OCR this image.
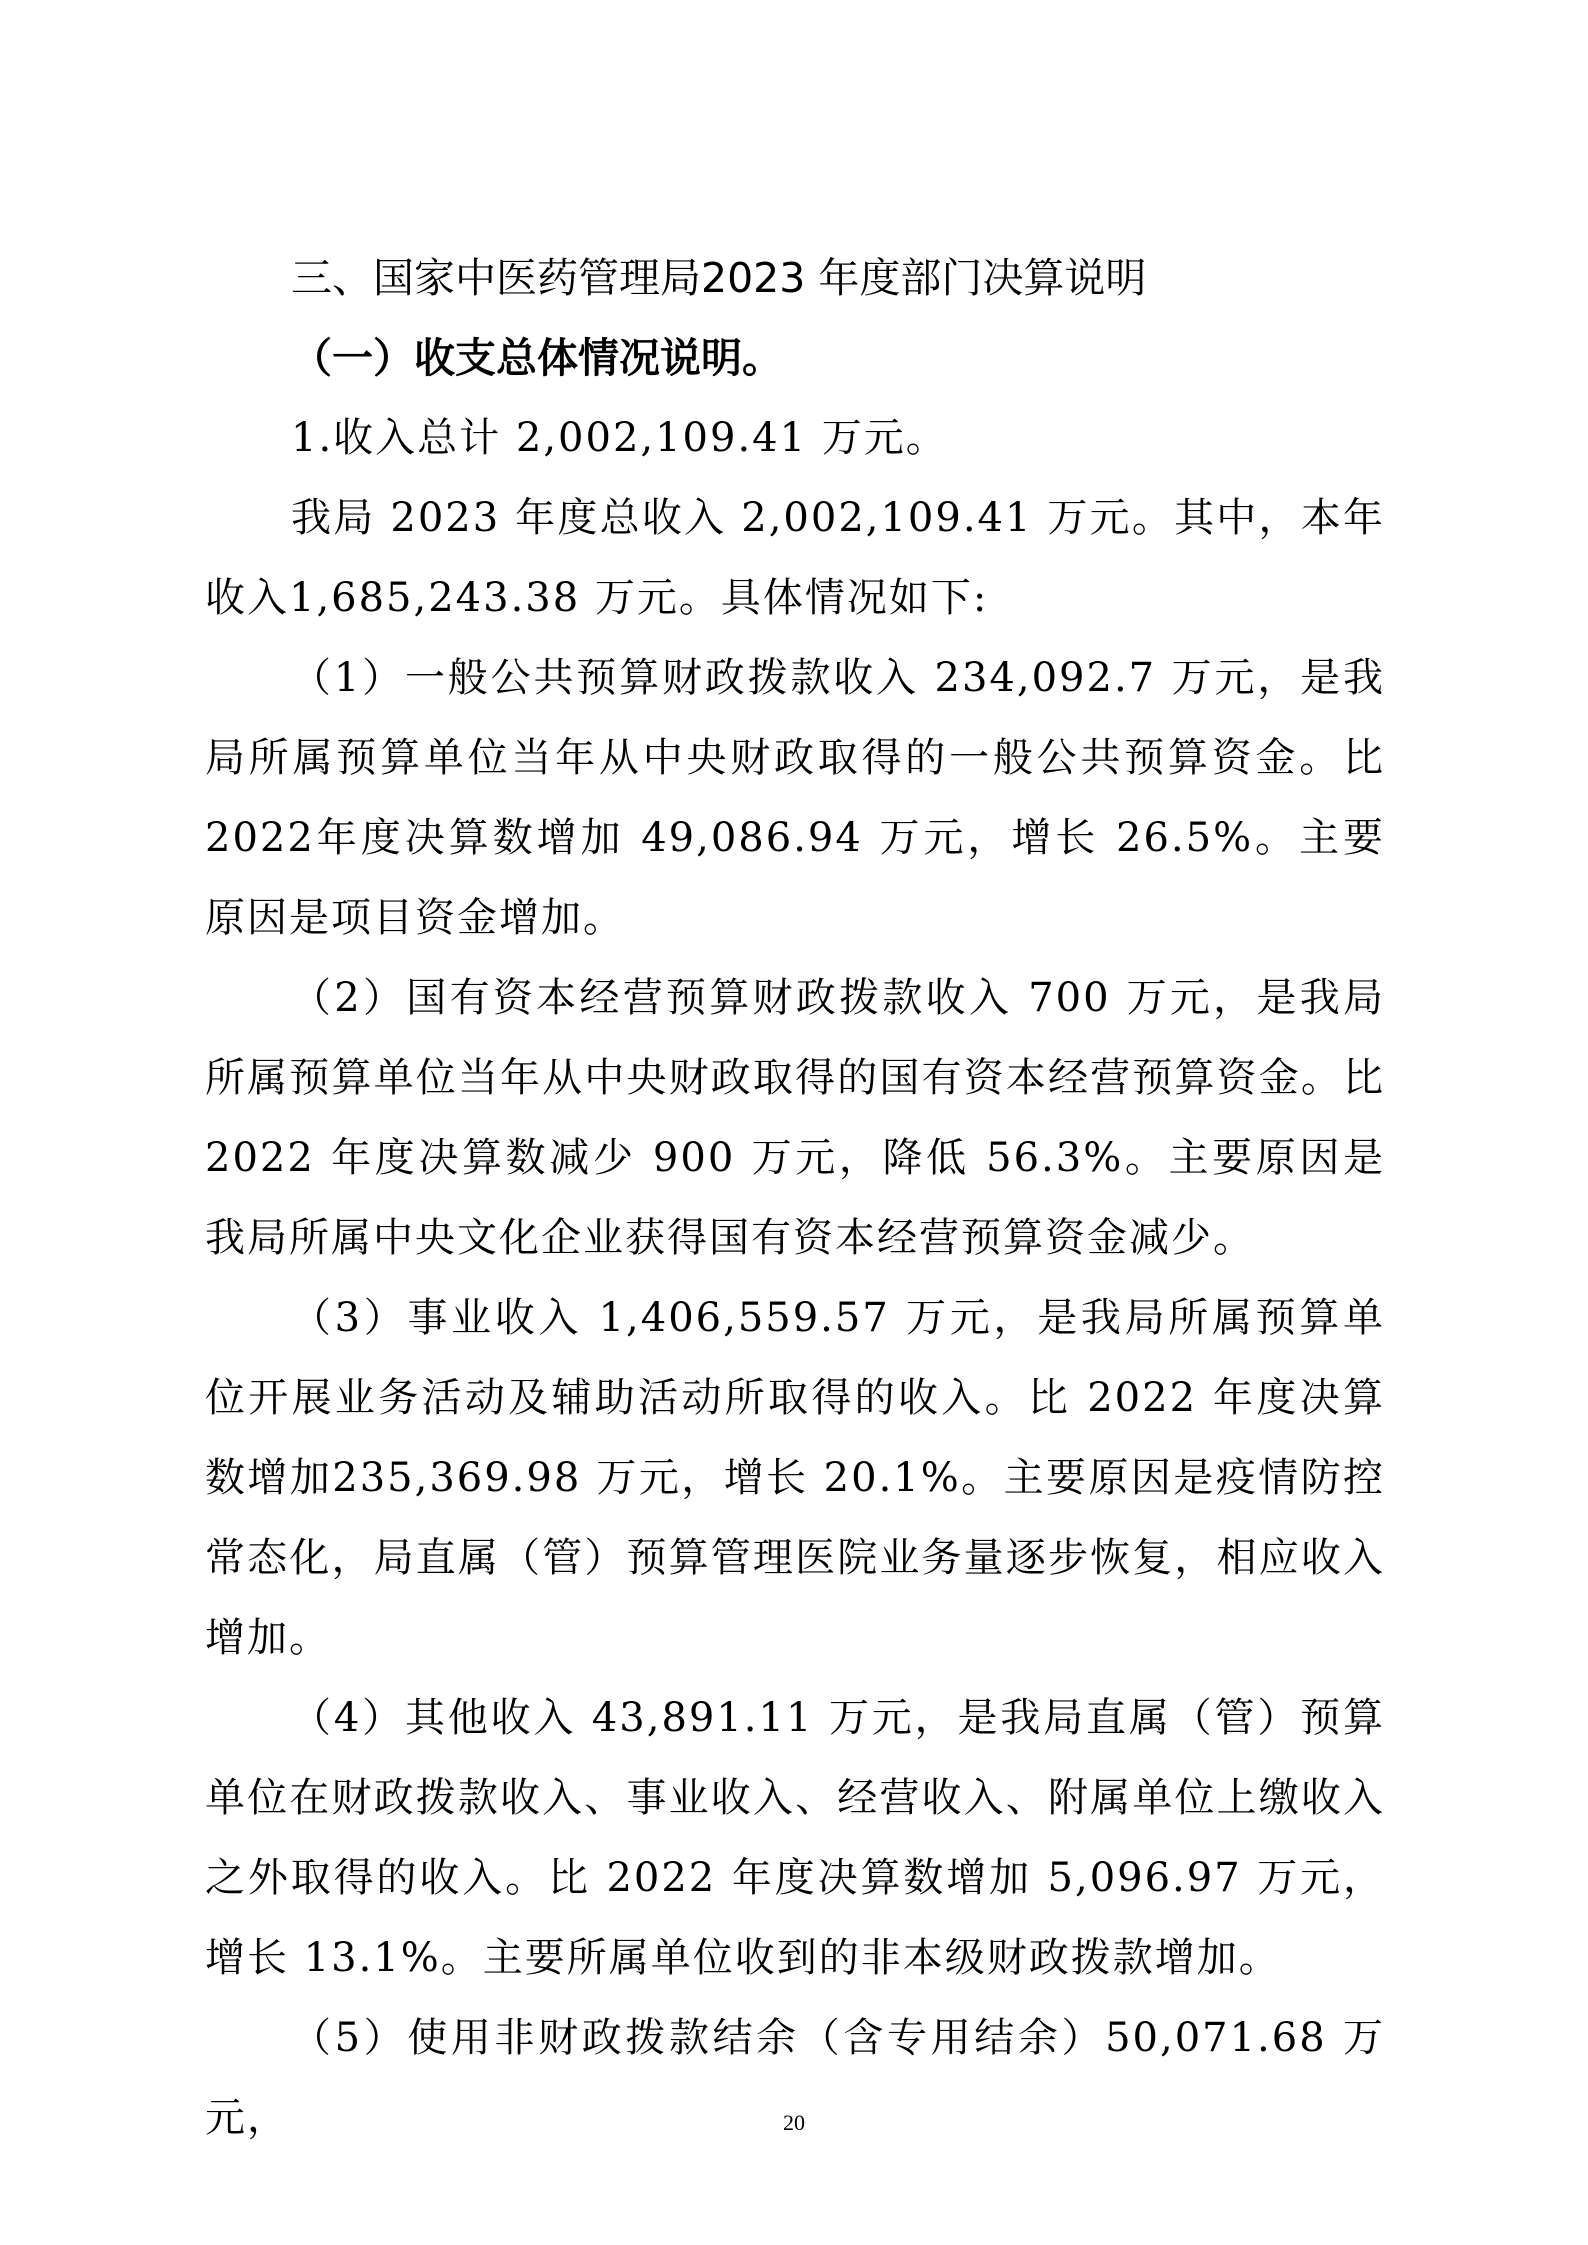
三、国家中医药管理局2023 年度部门决算说明
（一）收支总体情况说明。

1.收入总计 2,002,109.41 万元。

我局 2023 年度总收入 2,002,109.41 万元。其中，本年收入1,685,243.38 万元。具体情况如下:

（1）一般公共预算财政拨款收入 234,092.7 万元，是我局所属预算单位当年从中央财政取得的一般公共预算资金。比 2022年度决算数增加 49,086.94 万元，增长 26.5%。主要原因是项目资金增加。

（2）国有资本经营预算财政拨款收入 700 万元，是我局所属预算单位当年从中央财政取得的国有资本经营预算资金。比2022 年度决算数减少 900 万元，降低 56.3%。主要原因是我局所属中央文化企业获得国有资本经营预算资金减少。

（3）事业收入 1,406,559.57 万元，是我局所属预算单位开展业务活动及辅助活动所取得的收入。比 2022 年度决算数增加235,369.98 万元，增长 20.1%。主要原因是疫情防控常态化，局直属（管）预算管理医院业务量逐步恢复，相应收入增加。

（4）其他收入 43,891.11 万元，是我局直属（管）预算单位在财政拨款收入、事业收入、经营收入、附属单位上缴收入之外取得的收入。比 2022 年度决算数增加 5,096.97 万元，增长 13.1%。主要所属单位收到的非本级财政拨款增加。

（5）使用非财政拨款结余（含专用结余）50,071.68 万元，	20
